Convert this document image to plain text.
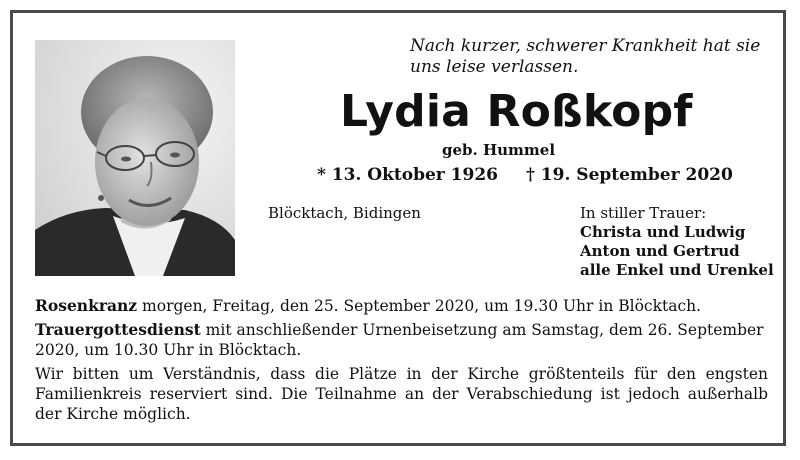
Nach kurzer, schwerer Krankheit hat sie uns leise verlassen.
Lydia Roßkopf
geb. Hummel
* 13. Oktober 1926 † 19. September 2020
Blöcktach, Bidingen	In stiller Trauer:
Christa und Ludwig
Anton und Gertrud
alle Enkel und Urenkel

Rosenkranz morgen, Freitag, den 25. September 2020, um 19.30 Uhr in Blöcktach.

Trauergottesdienst mit anschließender Urnenbeisetzung am Samstag, dem 26. September 2020, um 10.30 Uhr in Blöcktach.

Wir bitten um Verständnis, dass die Plätze in der Kirche größtenteils für den engsten Familienkreis reserviert sind. Die Teilnahme an der Verabschiedung ist jedoch außerhalb der Kirche möglich.
